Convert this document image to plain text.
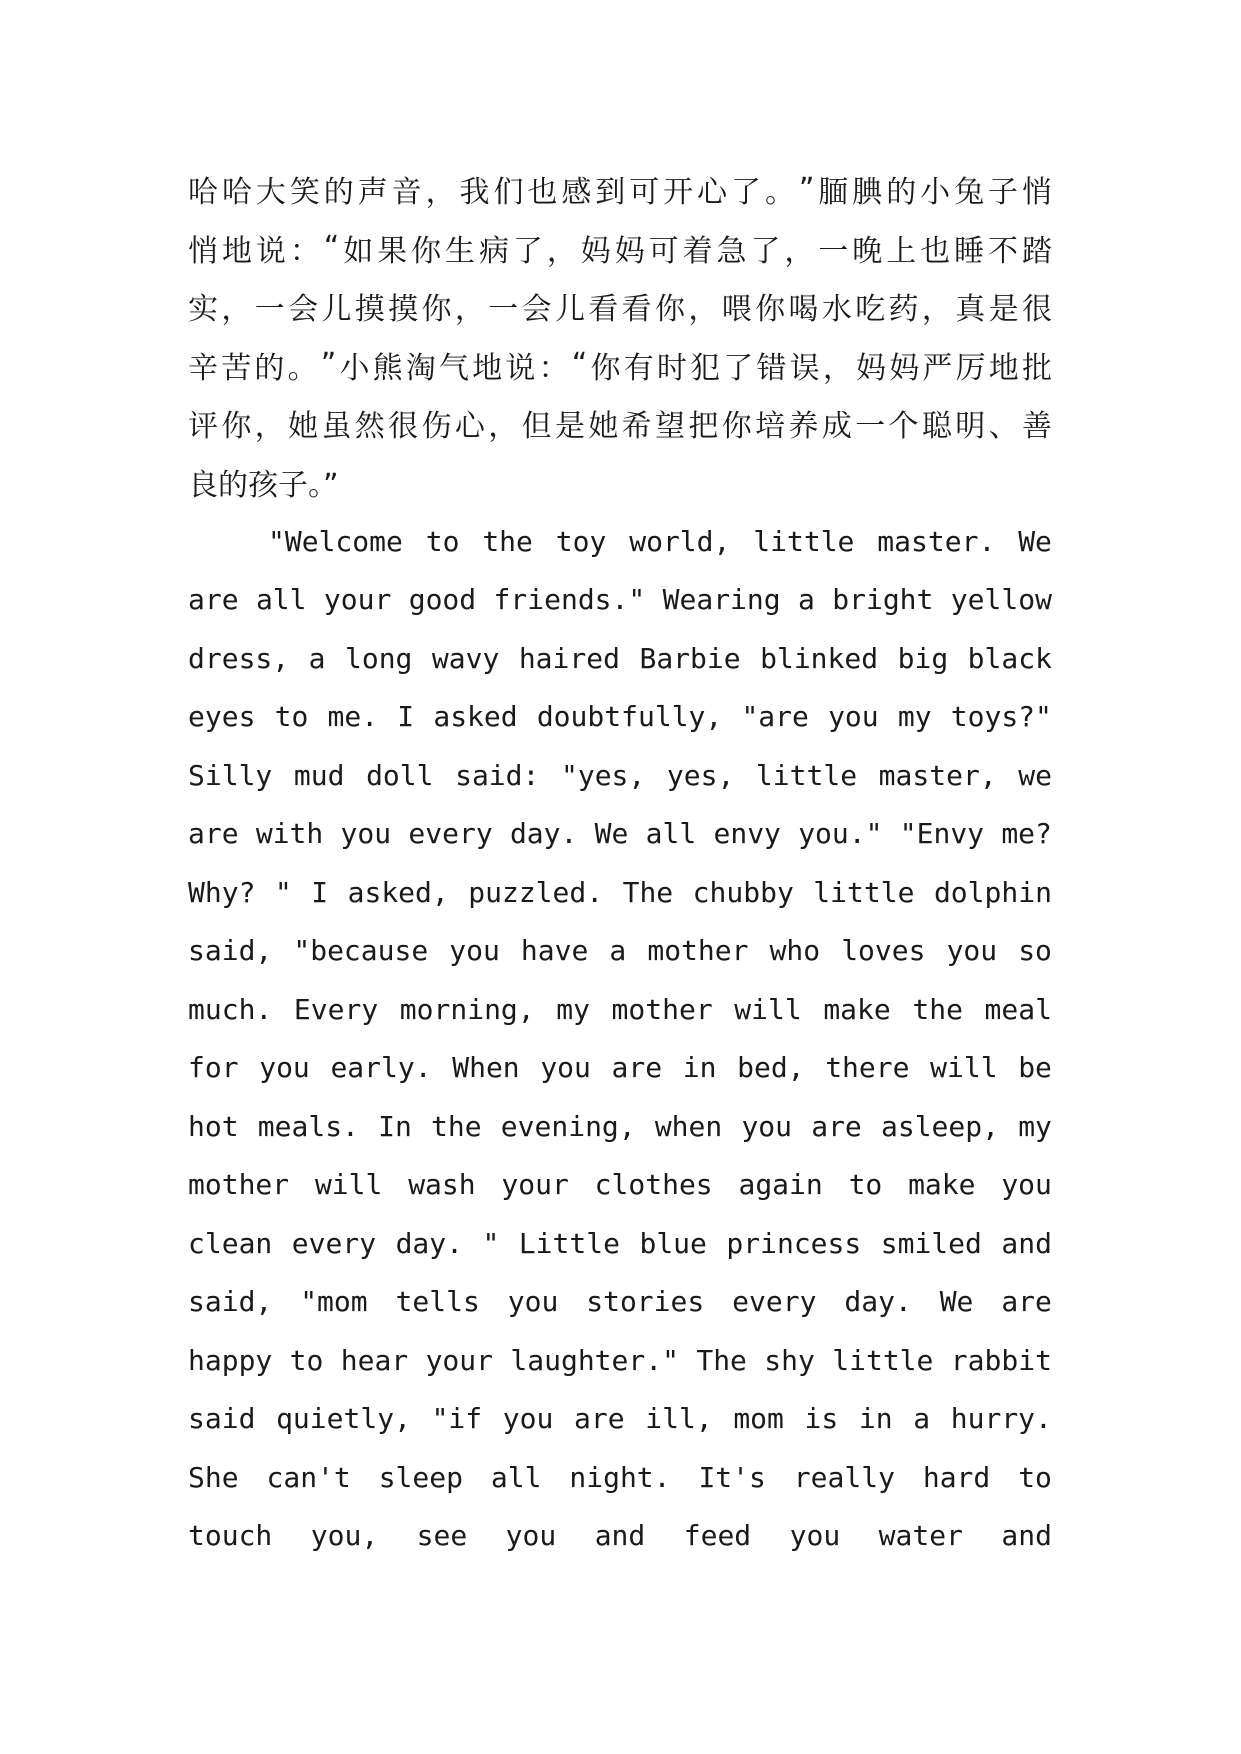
哈 哈 大 笑 的 声 音 ， 我 们 也 感 到 可 开 心 了 。 ” 腼 腆 的 小 兔 子 悄
悄 地 说 ： “ 如 果 你 生 病 了 ， 妈 妈 可 着 急 了 ， 一 晚 上 也 睡 不 踏
实 ， 一 会 儿 摸 摸 你 ， 一 会 儿 看 看 你 ， 喂 你 喝 水 吃 药 ， 真 是 很
辛 苦 的 。 ” 小 熊 淘 气 地 说 ： “ 你 有 时 犯 了 错 误 ， 妈 妈 严 厉 地 批
评 你 ， 她 虽 然 很 伤 心 ， 但 是 她 希 望 把 你 培 养 成 一 个 聪 明 、 善
良的孩子。”
"Welcome to the toy world, little master. We
are all your good friends." Wearing a bright yellow
dress, a long wavy haired Barbie blinked big black
eyes to me. I asked doubtfully, "are you my toys?"
Silly mud doll said: "yes, yes, little master, we
are with you every day. We all envy you." "Envy me?
Why? " I asked, puzzled. The chubby little dolphin
said, "because you have a mother who loves you so
much. Every morning, my mother will make the meal
for you early. When you are in bed, there will be
hot meals. In the evening, when you are asleep, my
mother will wash your clothes again to make you
clean every day. " Little blue princess smiled and
said, "mom tells you stories every day. We are
happy to hear your laughter." The shy little rabbit
said quietly, "if you are ill, mom is in a hurry.
She can't sleep all night. It's really hard to
touch you, see you and feed you water and
